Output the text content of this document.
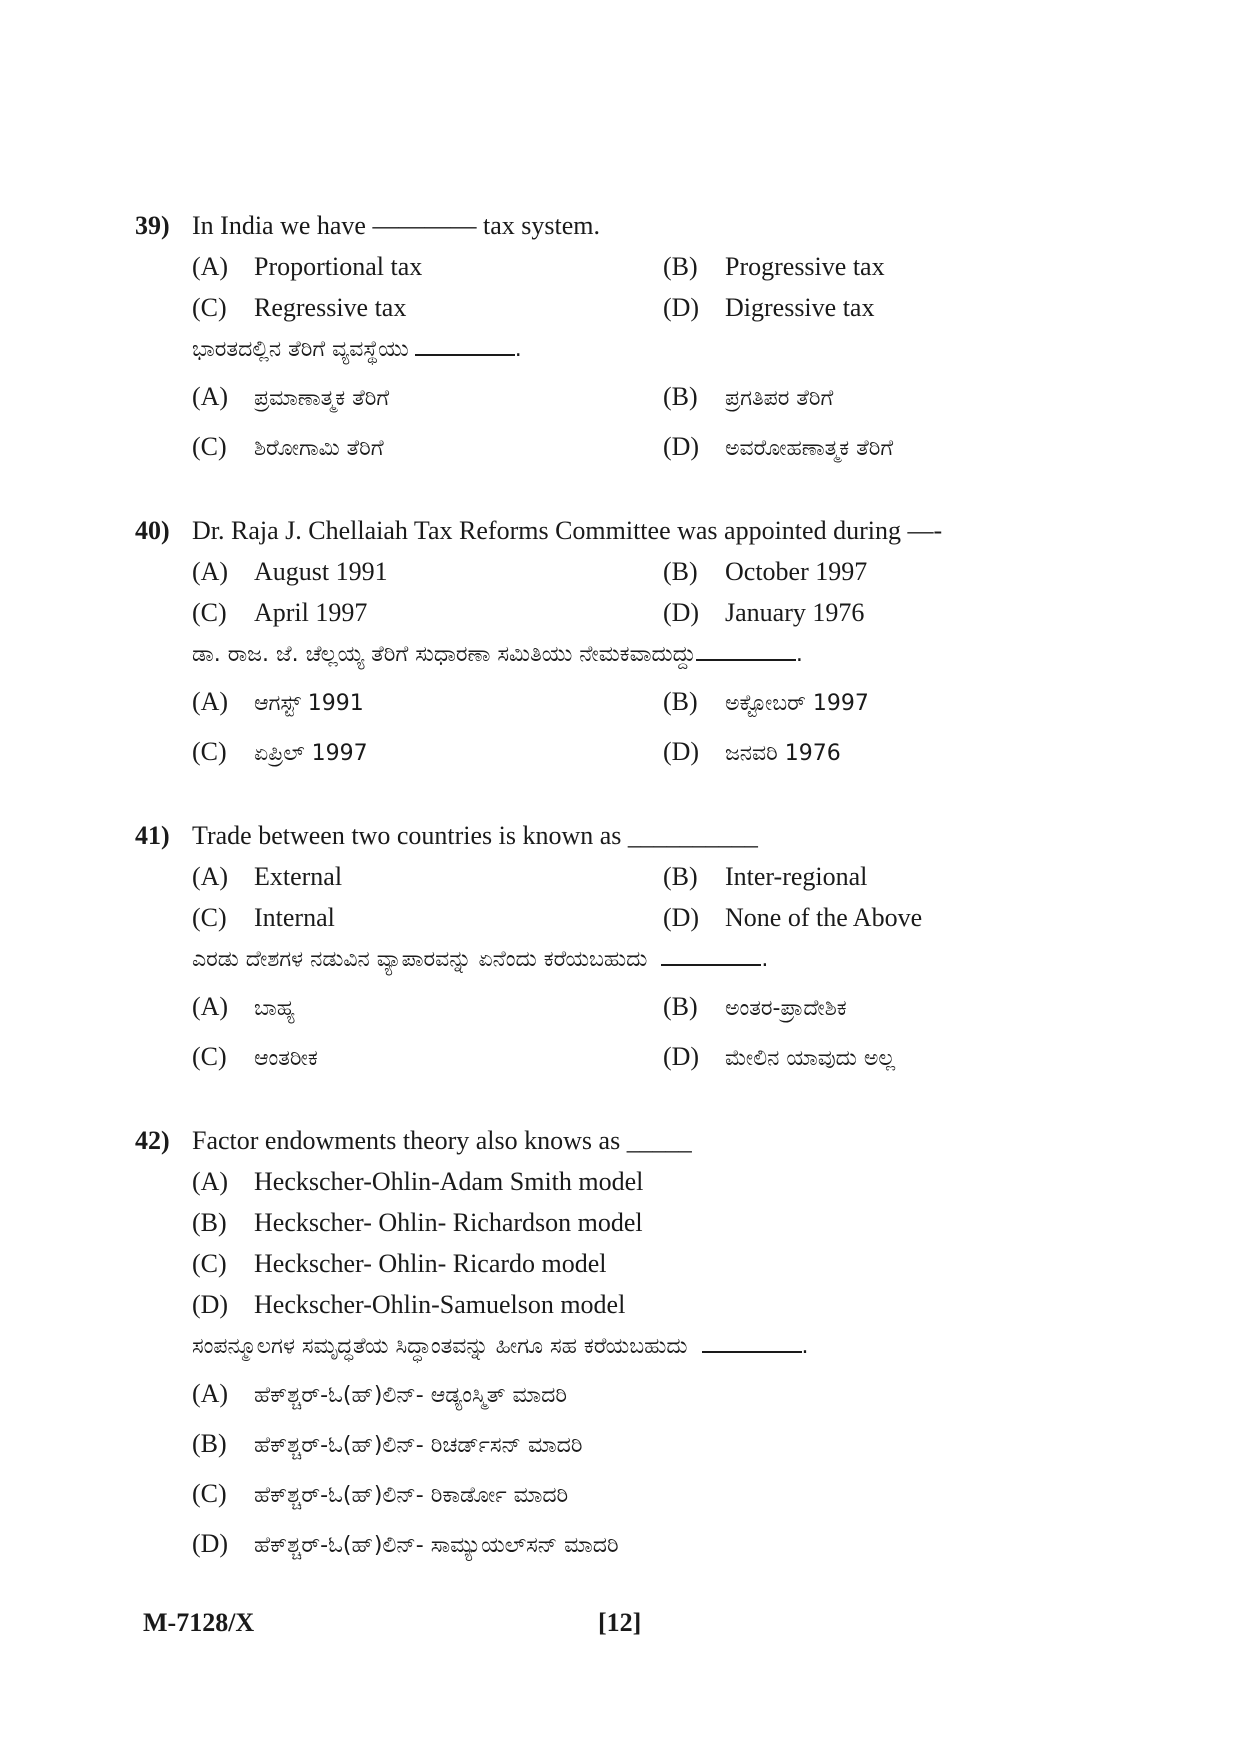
39) In India we have ———— tax system.
(A) Proportional tax	(B) Progressive tax
(C) Regressive tax	(D) Digressive tax
ಭಾರತದಲ್ಲಿನ ತೆರಿಗೆ ವ್ಯವಸ್ಥೆಯು	.
(A) ಪ್ರಮಾಣಾತ್ಮಕ ತೆರಿಗೆ	(B) ಪ್ರಗತಿಪರ ತೆರಿಗೆ
(C) ಶಿರೋಗಾಮಿ ತೆರಿಗೆ	(D) ಅವರೋಹಣಾತ್ಮಕ ತೆರಿಗೆ
40) Dr. Raja J. Chellaiah Tax Reforms Committee was appointed during —-
(A) August 1991	(B) October 1997
(C) April 1997	(D) January 1976
ಡಾ. ರಾಜ. ಜೆ. ಚೆಲ್ಲಯ್ಯ ತೆರಿಗೆ ಸುಧಾರಣಾ ಸಮಿತಿಯು ನೇಮಕವಾದುದ್ದು	.
(A) ಆಗಸ್ಟ್ 1991	(B) ಅಕ್ಟೋಬರ್ 1997
(C) ಏಪ್ರಿಲ್ 1997	(D) ಜನವರಿ 1976
41) Trade between two countries is known as __________
(A) External	(B) Inter-regional
(C) Internal	(D) None of the Above
ಎರಡು ದೇಶಗಳ ನಡುವಿನ ವ್ಯಾಪಾರವನ್ನು ಏನೆಂದು ಕರೆಯಬಹುದು	.
(A) ಬಾಹ್ಯ	(B) ಅಂತರ-ಪ್ರಾದೇಶಿಕ
(C) ಆಂತರೀಕ	(D) ಮೇಲಿನ ಯಾವುದು ಅಲ್ಲ
42) Factor endowments theory also knows as _____
(A) Heckscher-Ohlin-Adam Smith model
(B) Heckscher- Ohlin- Richardson model
(C) Heckscher- Ohlin- Ricardo model
(D) Heckscher-Ohlin-Samuelson model
ಸಂಪನ್ಮೂಲಗಳ ಸಮೃದ್ಧತೆಯ ಸಿದ್ಧಾಂತವನ್ನು ಹೀಗೂ ಸಹ ಕರೆಯಬಹುದು	.
(A) ಹೆಕ್‌ಶ್ಚರ್-ಓ(ಹ್)ಲಿನ್- ಆಡ್ಯಂಸ್ಮಿತ್ ಮಾದರಿ
(B) ಹೆಕ್‌ಶ್ಚರ್-ಓ(ಹ್)ಲಿನ್- ರಿಚರ್ಡ್‌ಸನ್ ಮಾದರಿ
(C) ಹೆಕ್‌ಶ್ಚರ್-ಓ(ಹ್)ಲಿನ್- ರಿಕಾರ್ಡೋ ಮಾದರಿ
(D) ಹೆಕ್‌ಶ್ಚರ್-ಓ(ಹ್)ಲಿನ್- ಸಾಮ್ಯುಯಲ್‌ಸನ್ ಮಾದರಿ
M-7128/X	[12]
